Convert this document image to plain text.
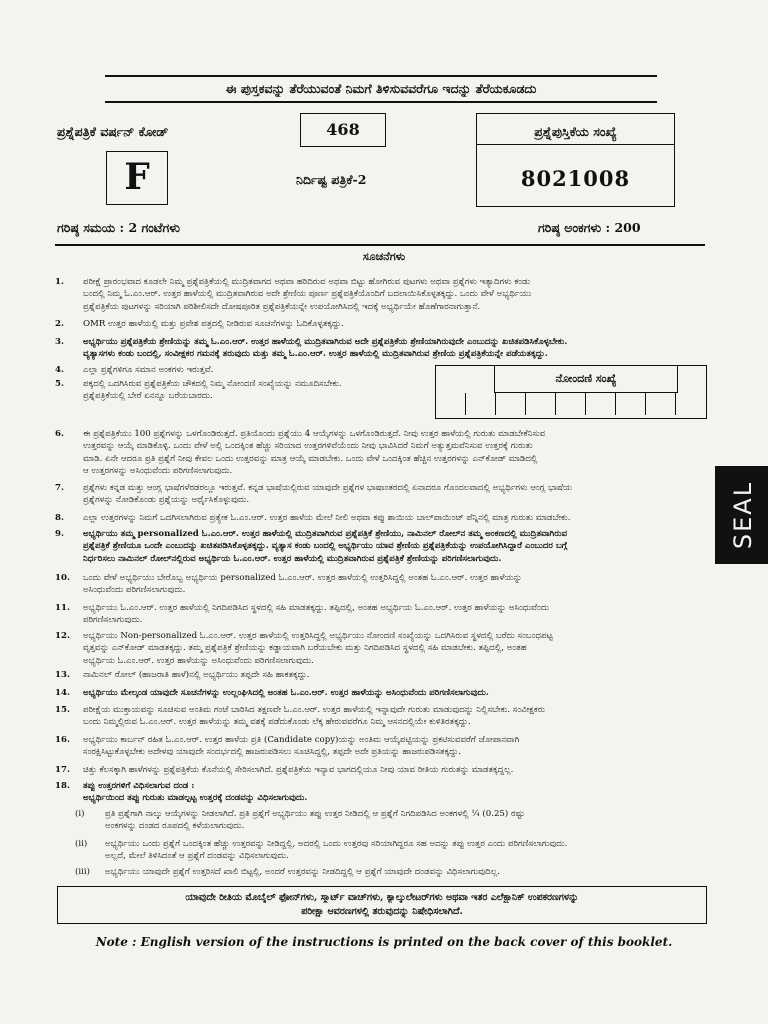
ಈ ಪುಸ್ತಕವನ್ನು ತೆರೆಯುವಂತೆ ನಿಮಗೆ ತಿಳಿಸುವವರೆಗೂ ಇದನ್ನು ತೆರೆಯಕೂಡದು
ಪ್ರಶ್ನೆಪತ್ರಿಕೆ ವರ್ಷನ್ ಕೋಡ್	468
F	ನಿರ್ದಿಷ್ಟ ಪತ್ರಿಕೆ-2
ಪ್ರಶ್ನೆಪುಸ್ತಿಕೆಯ ಸಂಖ್ಯೆ
8021008
ಗರಿಷ್ಠ ಸಮಯ : 2 ಗಂಟೆಗಳು	ಗರಿಷ್ಠ ಅಂಕಗಳು : 200
ಸೂಚನೆಗಳು
1.	ಪರೀಕ್ಷೆ ಪ್ರಾರಂಭವಾದ ಕೂಡಲೇ ನಿಮ್ಮ ಪ್ರಶ್ನೆಪತ್ರಿಕೆಯಲ್ಲಿ ಮುದ್ರಿತವಾಗದ ಅಥವಾ ಹರಿದಿರುವ ಅಥವಾ ಬಿಟ್ಟು ಹೋಗಿರುವ ಪುಟಗಳು ಅಥವಾ ಪ್ರಶ್ನೆಗಳು ಇತ್ಯಾದಿಗಳು ಕಂಡು
ಬಂದಲ್ಲಿ ನಿಮ್ಮ ಓ.ಎಂ.ಆರ್. ಉತ್ತರ ಹಾಳೆಯಲ್ಲಿ ಮುದ್ರಿತವಾಗಿರುವ ಅದೇ ಶ್ರೇಣಿಯ ಪೂರ್ಣ ಪ್ರಶ್ನೆಪತ್ರಿಕೆಯೊಂದಿಗೆ ಬದಲಾಯಿಸಿಕೊಳ್ಳತಕ್ಕದ್ದು. ಒಂದು ವೇಳೆ ಅಭ್ಯರ್ಥಿಯು
ಪ್ರಶ್ನೆಪತ್ರಿಕೆಯ ಪುಟಗಳನ್ನು ಸರಿಯಾಗಿ ಪರಿಶೀಲಿಸದೇ ದೋಷಪೂರಿತ ಪ್ರಶ್ನೆಪತ್ರಿಕೆಯನ್ನೇ ಉಪಯೋಗಿಸಿದಲ್ಲಿ ಇದಕ್ಕೆ ಅಭ್ಯರ್ಥಿಯೇ ಹೊಣೆಗಾರನಾಗುತ್ತಾನೆ.
2.	OMR ಉತ್ತರ ಹಾಳೆಯಲ್ಲಿ ಮತ್ತು ಪ್ರವೇಶ ಪತ್ರದಲ್ಲಿ ನೀಡಿರುವ ಸೂಚನೆಗಳನ್ನು ಓದಿಕೊಳ್ಳತಕ್ಕದ್ದು.
3.	ಅಭ್ಯರ್ಥಿಯು ಪ್ರಶ್ನೆಪತ್ರಿಕೆಯ ಶ್ರೇಣಿಯನ್ನು ತಮ್ಮ ಓ.ಎಂ.ಆರ್. ಉತ್ತರ ಹಾಳೆಯಲ್ಲಿ ಮುದ್ರಿತವಾಗಿರುವ ಅದೇ ಪ್ರಶ್ನೆಪತ್ರಿಕೆಯ ಶ್ರೇಣಿಯಾಗಿರುವುದೇ ಎಂಬುದನ್ನು ಖಚಿತಪಡಿಸಿಕೊಳ್ಳಬೇಕು.
ವ್ಯತ್ಯಾಸಗಳು ಕಂಡು ಬಂದಲ್ಲಿ, ಸಂವೀಕ್ಷಕರ ಗಮನಕ್ಕೆ ತರುವುದು ಮತ್ತು ತಮ್ಮ ಓ.ಎಂ.ಆರ್. ಉತ್ತರ ಹಾಳೆಯಲ್ಲಿ ಮುದ್ರಿತವಾಗಿರುವ ಶ್ರೇಣಿಯ ಪ್ರಶ್ನೆಪತ್ರಿಕೆಯನ್ನೇ ಪಡೆಯತಕ್ಕದ್ದು.
4.	ಎಲ್ಲಾ ಪ್ರಶ್ನೆಗಳಿಗೂ ಸಮಾನ ಅಂಕಗಳು ಇರುತ್ತವೆ.
5.	ಪಕ್ಕದಲ್ಲಿ ಒದಗಿಸಿರುವ ಪ್ರಶ್ನೆಪತ್ರಿಕೆಯ ಚೌಕದಲ್ಲಿ ನಿಮ್ಮ ನೋಂದಣಿ ಸಂಖ್ಯೆಯನ್ನು ನಮೂದಿಸಬೇಕು.
ಪ್ರಶ್ನೆಪತ್ರಿಕೆಯಲ್ಲಿ ಬೇರೆ ಏನನ್ನೂ ಬರೆಯಬಾರದು.
6.	ಈ ಪ್ರಶ್ನೆಪತ್ರಿಕೆಯು 100 ಪ್ರಶ್ನೆಗಳನ್ನು ಒಳಗೊಂಡಿರುತ್ತದೆ. ಪ್ರತಿಯೊಂದು ಪ್ರಶ್ನೆಯು 4 ಆಯ್ಕೆಗಳನ್ನು ಒಳಗೊಂಡಿರುತ್ತದೆ. ನೀವು ಉತ್ತರ ಹಾಳೆಯಲ್ಲಿ ಗುರುತು ಮಾಡಬೇಕೆನಿಸುವ
ಉತ್ತರವನ್ನು ಆಯ್ಕೆ ಮಾಡಿಕೊಳ್ಳಿ. ಒಂದು ವೇಳೆ ಅಲ್ಲಿ ಒಂದಕ್ಕಿಂತ ಹೆಚ್ಚು ಸರಿಯಾದ ಉತ್ತರಗಳಿವೆಯೆಂದು ನೀವು ಭಾವಿಸಿದರೆ ನಿಮಗೆ ಅತ್ಯುತ್ತಮವೆನಿಸುವ ಉತ್ತರಕ್ಕೆ ಗುರುತು
ಮಾಡಿ. ಏನೇ ಆದರೂ ಪ್ರತಿ ಪ್ರಶ್ನೆಗೆ ನೀವು ಕೇವಲ ಒಂದು ಉತ್ತರವನ್ನು ಮಾತ್ರ ಆಯ್ಕೆ ಮಾಡಬೇಕು. ಒಂದು ವೇಳೆ ಒಂದಕ್ಕಿಂತ ಹೆಚ್ಚಿನ ಉತ್ತರಗಳನ್ನು ಎನ್‌ಕೋಡ್ ಮಾಡಿದಲ್ಲಿ
ಆ ಉತ್ತರಗಳನ್ನು ಅಸಿಂಧುವೆಂದು ಪರಿಗಣಿಸಲಾಗುವುದು.
7.	ಪ್ರಶ್ನೆಗಳು ಕನ್ನಡ ಮತ್ತು ಆಂಗ್ಲ ಭಾಷೆಗಳೆರಡರಲ್ಲೂ ಇರುತ್ತವೆ. ಕನ್ನಡ ಭಾಷೆಯಲ್ಲಿರುವ ಯಾವುದೇ ಪ್ರಶ್ನೆಗಳ ಭಾಷಾಂತರದಲ್ಲಿ ಏನಾದರೂ ಗೊಂದಲವಾದಲ್ಲಿ ಅಭ್ಯರ್ಥಿಗಳು ಆಂಗ್ಲ ಭಾಷೆಯ
ಪ್ರಶ್ನೆಗಳನ್ನು ನೋಡಿಕೊಂಡು ಪ್ರಶ್ನೆಯನ್ನು ಅರ್ಥೈಸಿಕೊಳ್ಳುವುದು.
8.	ಎಲ್ಲಾ ಉತ್ತರಗಳನ್ನು ನಿಮಗೆ ಒದಗಿಸಲಾಗಿರುವ ಪ್ರತ್ಯೇಕ ಓ.ಎಂ.ಆರ್. ಉತ್ತರ ಹಾಳೆಯ ಮೇಲೆ ನೀಲಿ ಅಥವಾ ಕಪ್ಪು ಶಾಯಿಯ ಬಾಲ್‌ಪಾಯಿಂಟ್ ಪೆನ್ನಿನಲ್ಲಿ ಮಾತ್ರ ಗುರುತು ಮಾಡಬೇಕು.
9.	ಅಭ್ಯರ್ಥಿಯು ತಮ್ಮ personalized ಓ.ಎಂ.ಆರ್. ಉತ್ತರ ಹಾಳೆಯಲ್ಲಿ ಮುದ್ರಿತವಾಗಿರುವ ಪ್ರಶ್ನೆಪತ್ರಿಕೆ ಶ್ರೇಣಿಯು, ನಾಮಿನಲ್ ರೋಲ್‌ನ ತಮ್ಮ ಅಂಕಣದಲ್ಲಿ ಮುದ್ರಿತವಾಗಿರುವ
ಪ್ರಶ್ನೆಪತ್ರಿಕೆ ಶ್ರೇಣಿಯೂ ಒಂದೇ ಎಂಬುದನ್ನು ಖಚಿತಪಡಿಸಿಕೊಳ್ಳತಕ್ಕದ್ದು. ವ್ಯತ್ಯಾಸ ಕಂಡು ಬಂದಲ್ಲಿ ಅಭ್ಯರ್ಥಿಯು ಯಾವ ಶ್ರೇಣಿಯ ಪ್ರಶ್ನೆಪತ್ರಿಕೆಯನ್ನು ಉಪಯೋಗಿಸಿದ್ದಾರೆ ಎಂಬುದರ ಬಗ್ಗೆ
ನಿರ್ಧರಿಸಲು ನಾಮಿನಲ್ ರೋಲ್‌ನಲ್ಲಿರುವ ಅಭ್ಯರ್ಥಿಯ ಓ.ಎಂ.ಆರ್. ಉತ್ತರ ಹಾಳೆಯಲ್ಲಿ ಮುದ್ರಿತವಾಗಿರುವ ಪ್ರಶ್ನೆಪತ್ರಿಕೆ ಶ್ರೇಣಿಯನ್ನು ಪರಿಗಣಿಸಲಾಗುವುದು.
10.	ಒಂದು ವೇಳೆ ಅಭ್ಯರ್ಥಿಯು ಬೇರೊಬ್ಬ ಅಭ್ಯರ್ಥಿಯ personalized ಓ.ಎಂ.ಆರ್. ಉತ್ತರ ಹಾಳೆಯಲ್ಲಿ ಉತ್ತರಿಸಿದ್ದಲ್ಲಿ ಅಂತಹ ಓ.ಎಂ.ಆರ್. ಉತ್ತರ ಹಾಳೆಯನ್ನು
ಅಸಿಂಧುವೆಂದು ಪರಿಗಣಿಸಲಾಗುವುದು.
11.	ಅಭ್ಯರ್ಥಿಯು ಓ.ಎಂ.ಆರ್. ಉತ್ತರ ಹಾಳೆಯಲ್ಲಿ ನಿಗದಿಪಡಿಸಿದ ಸ್ಥಳದಲ್ಲಿ ಸಹಿ ಮಾಡತಕ್ಕದ್ದು. ತಪ್ಪಿದಲ್ಲಿ, ಅಂತಹ ಅಭ್ಯರ್ಥಿಯ ಓ.ಎಂ.ಆರ್. ಉತ್ತರ ಹಾಳೆಯನ್ನು ಅಸಿಂಧುವೆಂದು
ಪರಿಗಣಿಸಲಾಗುವುದು.
12.	ಅಭ್ಯರ್ಥಿಯು Non-personalized ಓ.ಎಂ.ಆರ್. ಉತ್ತರ ಹಾಳೆಯಲ್ಲಿ ಉತ್ತರಿಸಿದ್ದಲ್ಲಿ ಅಭ್ಯರ್ಥಿಯು ನೋಂದಣಿ ಸಂಖ್ಯೆಯನ್ನು ಒದಗಿಸಿರುವ ಸ್ಥಳದಲ್ಲಿ ಬರೆದು ಸಂಬಂಧಪಟ್ಟ
ವೃತ್ತವನ್ನು ಎನ್‌ಕೋಡ್ ಮಾಡತಕ್ಕದ್ದು. ತಮ್ಮ ಪ್ರಶ್ನೆಪತ್ರಿಕೆ ಶ್ರೇಣಿಯನ್ನು ಕಡ್ಡಾಯವಾಗಿ ಬರೆಯಬೇಕು ಮತ್ತು ನಿಗದಿಪಡಿಸಿದ ಸ್ಥಳದಲ್ಲಿ ಸಹಿ ಮಾಡಬೇಕು. ತಪ್ಪಿದಲ್ಲಿ, ಅಂತಹ
ಅಭ್ಯರ್ಥಿಯ ಓ.ಎಂ.ಆರ್. ಉತ್ತರ ಹಾಳೆಯನ್ನು ಅಸಿಂಧುವೆಂದು ಪರಿಗಣಿಸಲಾಗುವುದು.
13.	ನಾಮಿನಲ್ ರೋಲ್ (ಹಾಜರಾತಿ ಹಾಳೆ)ನಲ್ಲಿ ಅಭ್ಯರ್ಥಿಯು ತಪ್ಪದೇ ಸಹಿ ಹಾಕತಕ್ಕದ್ದು.
14.	ಅಭ್ಯರ್ಥಿಯು ಮೇಲ್ಕಂಡ ಯಾವುದೇ ಸೂಚನೆಗಳನ್ನು ಉಲ್ಲಂಘಿಸಿದಲ್ಲಿ ಅಂತಹ ಓ.ಎಂ.ಆರ್. ಉತ್ತರ ಹಾಳೆಯನ್ನು ಅಸಿಂಧುವೆಂದು ಪರಿಗಣಿಸಲಾಗುವುದು.
15.	ಪರೀಕ್ಷೆಯ ಮುಕ್ತಾಯವನ್ನು ಸೂಚಿಸುವ ಅಂತಿಮ ಗಂಟೆ ಬಾರಿಸಿದ ತಕ್ಷಣವೇ ಓ.ಎಂ.ಆರ್. ಉತ್ತರ ಹಾಳೆಯಲ್ಲಿ ಇನ್ನಾವುದೇ ಗುರುತು ಮಾಡುವುದನ್ನು ನಿಲ್ಲಿಸಬೇಕು. ಸಂವೀಕ್ಷಕರು
ಬಂದು ನಿಮ್ಮಲ್ಲಿರುವ ಓ.ಎಂ.ಆರ್. ಉತ್ತರ ಹಾಳೆಯನ್ನು ತಮ್ಮ ವಶಕ್ಕೆ ಪಡೆದುಕೊಂಡು ಲೆಕ್ಕ ಹೇರುವವರೆಗೂ ನಿಮ್ಮ ಆಸನದಲ್ಲಿಯೇ ಕುಳಿತಿರತಕ್ಕದ್ದು.
16.	ಅಭ್ಯರ್ಥಿಯು ಕಾರ್ಬನ್ ರಹಿತ ಓ.ಎಂ.ಆರ್. ಉತ್ತರ ಹಾಳೆಯ ಪ್ರತಿ (Candidate copy)ಯನ್ನು ಅಂತಿಮ ಆಯ್ಕೆಪಟ್ಟಿಯನ್ನು ಪ್ರಕಟಿಸುವವರೆಗೆ ಜೋಪಾನವಾಗಿ
ಸಂರಕ್ಷಿಸಿಟ್ಟುಕೊಳ್ಳಬೇಕು ಅದೇಳವು ಯಾವುದೇ ಸಂದರ್ಭದಲ್ಲಿ ಹಾಜರುಪಡಿಸಲು ಸೂಚಿಸಿದ್ದಲ್ಲಿ, ತಪ್ಪದೇ ಅದೇ ಪ್ರತಿಯನ್ನು ಹಾಜರುಪಡಿಸತಕ್ಕದ್ದು.
17.	ಚಿತ್ತು ಕೆಲಸಕ್ಕಾಗಿ ಹಾಳೆಗಳನ್ನು ಪ್ರಶ್ನೆಪತ್ರಿಕೆಯ ಕೊನೆಯಲ್ಲಿ ಸೇರಿಸಲಾಗಿದೆ. ಪ್ರಶ್ನೆಪತ್ರಿಕೆಯ ಇನ್ಯಾವ ಭಾಗದಲ್ಲಿಯೂ ನೀವು ಯಾವ ರೀತಿಯ ಗುರುತನ್ನು ಮಾಡತಕ್ಕದ್ದಲ್ಲ.
18.	ತಪ್ಪು ಉತ್ತರಗಳಿಗೆ ವಿಧಿಸಲಾಗುವ ದಂಡ :
ಅಭ್ಯರ್ಥಿಯಿಂದ ತಪ್ಪು ಗುರುತು ಮಾಡಲ್ಪಟ್ಟ ಉತ್ತರಕ್ಕೆ ದಂಡವನ್ನು ವಿಧಿಸಲಾಗುವುದು.
(i)	ಪ್ರತಿ ಪ್ರಶ್ನೆಗಾಗಿ ನಾಲ್ಕು ಆಯ್ಕೆಗಳನ್ನು ನೀಡಲಾಗಿದೆ. ಪ್ರತಿ ಪ್ರಶ್ನೆಗೆ ಅಭ್ಯರ್ಥಿಯು ತಪ್ಪು ಉತ್ತರ ನೀಡಿದಲ್ಲಿ ಆ ಪ್ರಶ್ನೆಗೆ ನಿಗದಿಪಡಿಸಿದ ಅಂಕಗಳಲ್ಲಿ ¼ (0.25) ರಷ್ಟು
ಅಂಕಗಳನ್ನು ದಂಡದ ರೂಪದಲ್ಲಿ ಕಳೆಯಲಾಗುವುದು.
(ii)	ಅಭ್ಯರ್ಥಿಯು ಒಂದು ಪ್ರಶ್ನೆಗೆ ಒಂದಕ್ಕಿಂತ ಹೆಚ್ಚು ಉತ್ತರವನ್ನು ನೀಡಿದ್ದಲ್ಲಿ, ಅದರಲ್ಲಿ ಒಂದು ಉತ್ತರವು ಸರಿಯಾಗಿದ್ದರೂ ಸಹ ಅದನ್ನು ತಪ್ಪು ಉತ್ತರ ಎಂದು ಪರಿಗಣಿಸಲಾಗುವುದು.
ಅಲ್ಲದೆ, ಮೇಲೆ ತಿಳಿಸಿದಂತೆ ಆ ಪ್ರಶ್ನೆಗೆ ದಂಡವನ್ನು ವಿಧಿಸಲಾಗುವುದು.
(iii)	ಅಭ್ಯರ್ಥಿಯು ಯಾವುದೇ ಪ್ರಶ್ನೆಗೆ ಉತ್ತರಿಸದೆ ಖಾಲಿ ಬಿಟ್ಟಲ್ಲಿ, ಅಂದರೆ ಉತ್ತರವನ್ನು ನೀಡದಿದ್ದಲ್ಲಿ ಆ ಪ್ರಶ್ನೆಗೆ ಯಾವುದೇ ದಂಡವನ್ನು ವಿಧಿಸಲಾಗುವುದಿಲ್ಲ.
ನೋಂದಣಿ ಸಂಖ್ಯೆ
ಯಾವುದೇ ರೀತಿಯ ಮೊಬೈಲ್ ಫೋನ್‌ಗಳು, ಸ್ಮಾರ್ಟ್ ವಾಚ್‌ಗಳು, ಕ್ಯಾಲ್ಕುಲೇಟರ್‌ಗಳು ಅಥವಾ ಇತರ ಎಲೆಕ್ಟ್ರಾನಿಕ್ ಉಪಕರಣಗಳನ್ನು
ಪರೀಕ್ಷಾ ಆವರಣಗಳಲ್ಲಿ ತರುವುದನ್ನು ನಿಷೇಧಿಸಲಾಗಿದೆ.
Note : English version of the instructions is printed on the back cover of this booklet.
SEAL
